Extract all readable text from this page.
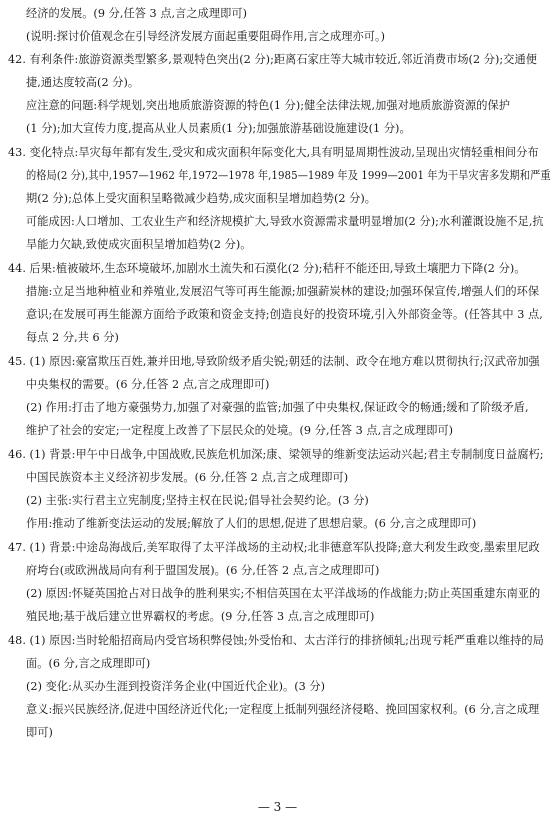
经济的发展。(9 分,任答 3 点,言之成理即可)
(说明:探讨价值观念在引导经济发展方面起重要阻碍作用,言之成理亦可。)
42. 有利条件:旅游资源类型繁多,景观特色突出(2 分);距离石家庄等大城市较近,邻近消费市场(2 分);交通便
捷,通达度较高(2 分)。
应注意的问题:科学规划,突出地质旅游资源的特色(1 分);健全法律法规,加强对地质旅游资源的保护
(1 分);加大宣传力度,提高从业人员素质(1 分);加强旅游基础设施建设(1 分)。
43. 变化特点:旱灾每年都有发生,受灾和成灾面积年际变化大,具有明显周期性波动,呈现出灾情轻重相间分布
的格局(2 分),其中,1957—1962 年,1972—1978 年,1985—1989 年及 1999—2001 年为干旱灾害多发期和严重
期(2 分);总体上受灾面积呈略微减少趋势,成灾面积呈增加趋势(2 分)。
可能成因:人口增加、工农业生产和经济规模扩大,导致水资源需求量明显增加(2 分);水利灌溉设施不足,抗
旱能力欠缺,致使成灾面积呈增加趋势(2 分)。
44. 后果:植被破坏,生态环境破坏,加剧水土流失和石漠化(2 分);秸秆不能还田,导致土壤肥力下降(2 分)。
措施:立足当地种植业和养殖业,发展沼气等可再生能源;加强薪炭林的建设;加强环保宣传,增强人们的环保
意识;在发展可再生能源方面给予政策和资金支持;创造良好的投资环境,引入外部资金等。(任答其中 3 点,
每点 2 分,共 6 分)
45. (1) 原因:豪富欺压百姓,兼并田地,导致阶级矛盾尖锐;朝廷的法制、政令在地方难以贯彻执行;汉武帝加强
中央集权的需要。(6 分,任答 2 点,言之成理即可)
(2) 作用:打击了地方豪强势力,加强了对豪强的监管;加强了中央集权,保证政令的畅通;缓和了阶级矛盾,
维护了社会的安定;一定程度上改善了下层民众的处境。(9 分,任答 3 点,言之成理即可)
46. (1) 背景:甲午中日战争,中国战败,民族危机加深;康、梁领导的维新变法运动兴起;君主专制制度日益腐朽;
中国民族资本主义经济初步发展。(6 分,任答 2 点,言之成理即可)
(2) 主张:实行君主立宪制度;坚持主权在民说;倡导社会契约论。(3 分)
作用:推动了维新变法运动的发展;解放了人们的思想,促进了思想启蒙。(6 分,言之成理即可)
47. (1) 背景:中途岛海战后,美军取得了太平洋战场的主动权;北非德意军队投降;意大利发生政变,墨索里尼政
府垮台(或欧洲战局向有利于盟国发展)。(6 分,任答 2 点,言之成理即可)
(2) 原因:怀疑英国抢占对日战争的胜利果实;不相信英国在太平洋战场的作战能力;防止英国重建东南亚的
殖民地;基于战后建立世界霸权的考虑。(9 分,任答 3 点,言之成理即可)
48. (1) 原因:当时轮船招商局内受官场积弊侵蚀;外受怡和、太古洋行的排挤倾轧;出现亏耗严重难以维持的局
面。(6 分,言之成理即可)
(2) 变化:从买办生涯到投资洋务企业(中国近代企业)。(3 分)
意义:振兴民族经济,促进中国经济近代化;一定程度上抵制列强经济侵略、挽回国家权利。(6 分,言之成理
即可)
— 3 —
